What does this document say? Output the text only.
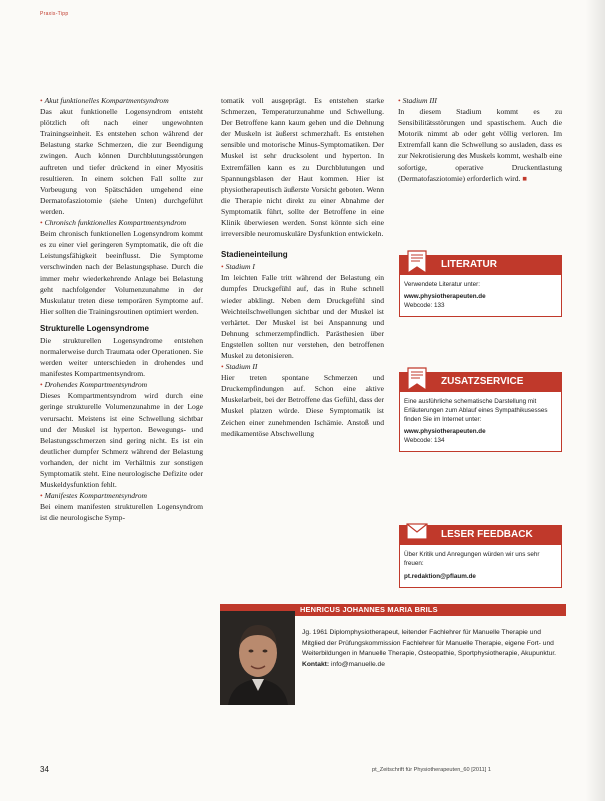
Praxis-Tipp

• Akut funktionelles Kompartmentsyndrom

Das akut funktionelle Logensyndrom entsteht plötzlich oft nach einer ungewohnten Trainingseinheit. Es entstehen schon während der Belastung starke Schmerzen, die zur Beendigung zwingen. Auch können Durchblutungsstörungen auftreten und tiefer drückend in einer Myositis resultieren. In einem solchen Fall sollte zur Vorbeugung von Spätschäden umgehend eine Dermatofasziotomie (siehe Unten) durchgeführt werden.

• Chronisch funktionelles Kompartmentsyndrom

Beim chronisch funktionellen Logensyndrom kommt es zu einer viel geringeren Symptomatik, die oft die Leistungsfähigkeit beeinflusst. Die Symptome verschwinden nach der Belastungsphase. Durch die immer mehr wiederkehrende Anlage bei Belastung geht nachfolgender Volumenzunahme in der Muskulatur treten diese temporären Symptome auf. Hier sollten die Trainingsroutinen optimiert werden.

Strukturelle Logensyndrome

Die strukturellen Logensyndrome entstehen normalerweise durch Traumata oder Operationen. Sie werden weiter unterschieden in drohendes und manifestes Kompartmentsyndrom.

• Drohendes Kompartmentsyndrom

Dieses Kompartmentsyndrom wird durch eine geringe strukturelle Volumenzunahme in der Loge verursacht. Meistens ist eine Schwellung sichtbar und der Muskel ist hyperton. Bewegungs- und Belastungsschmerzen sind gering nicht. Es ist ein deutlicher dumpfer Schmerz während der Belastung vorhanden, der nicht im Verhältnis zur sonstigen Symptomatik steht. Eine neurologische Defizite oder Muskeldysfunktion fehlt.

• Manifestes Kompartmentsyndrom

Bei einem manifesten strukturellen Logensyndrom ist die neurologische Symp-

tomatik voll ausgeprägt. Es entstehen starke Schmerzen, Temperaturzunahme und Schwellung. Der Betroffene kann kaum gehen und die Dehnung der Muskeln ist äußerst schmerzhaft. Es entstehen sensible und motorische Minus-Symptomatiken. Der Muskel ist sehr drucksolent und hyperton. In Extremfällen kann es zu Durchblutungen und Spannungsblasen der Haut kommen. Hier ist physiotherapeutisch äußerste Vorsicht geboten. Wenn die Therapie nicht direkt zu einer Abnahme der Symptomatik führt, sollte der Betroffene in eine Klinik überwiesen werden. Sonst könnte sich eine irreversible neuromuskuläre Dysfunktion entwickeln.

Stadieneinteilung

• Stadium I

Im leichten Falle tritt während der Belastung ein dumpfes Druckgefühl auf, das in Ruhe schnell wieder abklingt. Neben dem Druckgefühl sind Weichteilschwellungen sichtbar und der Muskel ist verhärtet. Der Muskel ist bei Anspannung und Dehnung schmerzempfindlich. Parästhesien über Engstellen sollten nur verstehen, den betroffenen Muskel zu detonisieren.

• Stadium II

Hier treten spontane Schmerzen und Druckempfindungen auf. Schon eine aktive Muskelarbeit, bei der Betroffene das Gefühl, dass der Muskel platzen würde. Diese Symptomatik ist Zeichen einer zunehmenden Ischämie. Anstoß und medikamentöse Abschwellung

• Stadium III

In diesem Stadium kommt es zu Sensibilitätsstörungen und spastischem. Auch die Motorik nimmt ab oder geht völlig verloren. Im Extremfall kann die Schwellung so ausladen, dass es zur Nekrotisierung des Muskels kommt, weshalb eine sofortige, operative Druckentlastung (Dermatofasziotomie) erforderlich wird. ■

LITERATUR
Verwendete Literatur unter:
www.physiotherapeuten.de
Webcode: 133
ZUSATZSERVICE
Eine ausführliche schematische Darstellung mit Erläuterungen zum Ablauf eines Sympathikusesses finden Sie im Internet unter:
www.physiotherapeuten.de
Webcode: 134
LESER FEEDBACK
Über Kritik und Anregungen würden wir uns sehr freuen:
pt.redaktion@pflaum.de
HENRICUS JOHANNES MARIA BRILS
Jg. 1961 Diplomphysiotherapeut, leitender Fachlehrer für Manuelle Therapie und Mitglied der Prüfungskommission Fachlehrer für Manuelle Therapie, eigene Fort- und Weiterbildungen in Manuelle Therapie, Osteopathie, Sportphysiotherapie, Akupunktur.
Kontakt: info@manuelle.de
34	pt_Zeitschrift für Physiotherapeuten_60 [2011] 1
